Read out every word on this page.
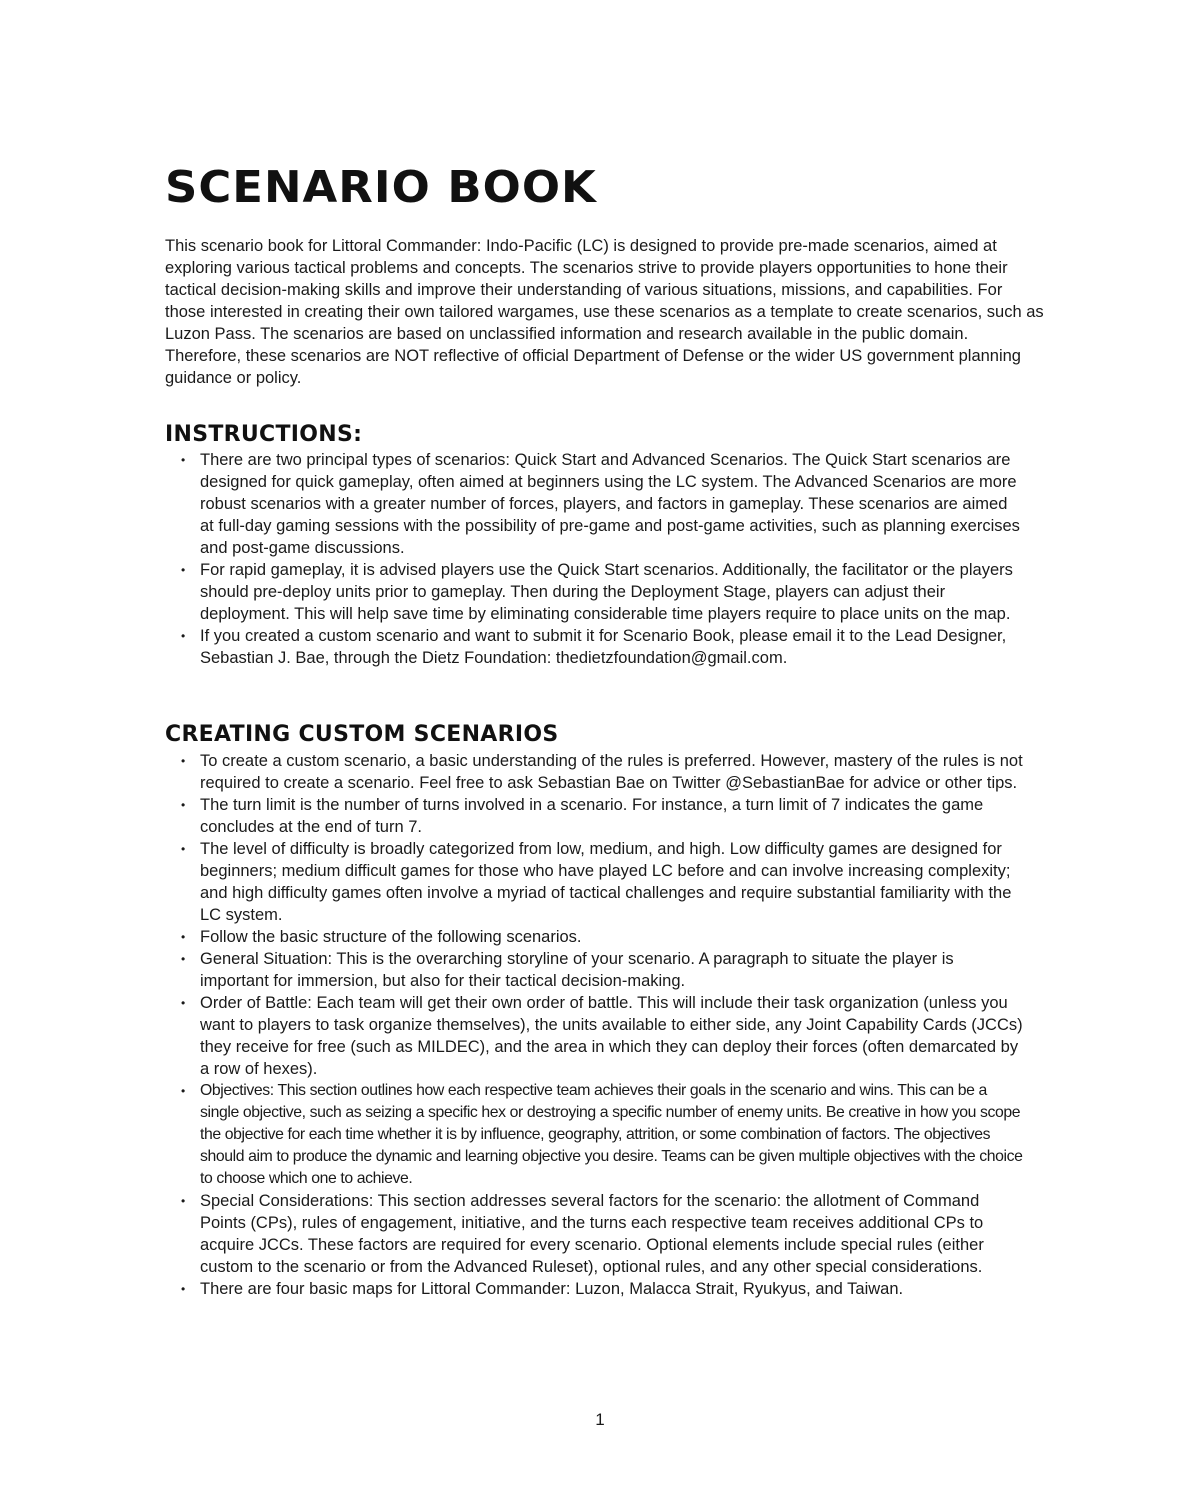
SCENARIO BOOK

This scenario book for Littoral Commander: Indo-Pacific (LC) is designed to provide pre-made scenarios, aimed at exploring various tactical problems and concepts. The scenarios strive to provide players opportunities to hone their tactical decision-making skills and improve their understanding of various situations, missions, and capabilities. For those interested in creating their own tailored wargames, use these scenarios as a template to create scenarios, such as Luzon Pass. The scenarios are based on unclassified information and research available in the public domain. Therefore, these scenarios are NOT reflective of official Department of Defense or the wider US government planning guidance or policy.

INSTRUCTIONS:
• There are two principal types of scenarios: Quick Start and Advanced Scenarios. The Quick Start scenarios are designed for quick gameplay, often aimed at beginners using the LC system. The Advanced Scenarios are more robust scenarios with a greater number of forces, players, and factors in gameplay. These scenarios are aimed at full-day gaming sessions with the possibility of pre-game and post-game activities, such as planning exercises and post-game discussions.
• For rapid gameplay, it is advised players use the Quick Start scenarios. Additionally, the facilitator or the players should pre-deploy units prior to gameplay. Then during the Deployment Stage, players can adjust their deployment. This will help save time by eliminating considerable time players require to place units on the map.
• If you created a custom scenario and want to submit it for Scenario Book, please email it to the Lead Designer, Sebastian J. Bae, through the Dietz Foundation: thedietzfoundation@gmail.com.
CREATING CUSTOM SCENARIOS
• To create a custom scenario, a basic understanding of the rules is preferred. However, mastery of the rules is not required to create a scenario. Feel free to ask Sebastian Bae on Twitter @SebastianBae for advice or other tips.
• The turn limit is the number of turns involved in a scenario. For instance, a turn limit of 7 indicates the game concludes at the end of turn 7.
• The level of difficulty is broadly categorized from low, medium, and high. Low difficulty games are designed for beginners; medium difficult games for those who have played LC before and can involve increasing complexity; and high difficulty games often involve a myriad of tactical challenges and require substantial familiarity with the LC system.
• Follow the basic structure of the following scenarios.
• General Situation: This is the overarching storyline of your scenario. A paragraph to situate the player is important for immersion, but also for their tactical decision-making.
• Order of Battle: Each team will get their own order of battle. This will include their task organization (unless you want to players to task organize themselves), the units available to either side, any Joint Capability Cards (JCCs) they receive for free (such as MILDEC), and the area in which they can deploy their forces (often demarcated by a row of hexes).
• Objectives: This section outlines how each respective team achieves their goals in the scenario and wins. This can be a single objective, such as seizing a specific hex or destroying a specific number of enemy units. Be creative in how you scope the objective for each time whether it is by influence, geography, attrition, or some combination of factors. The objectives should aim to produce the dynamic and learning objective you desire. Teams can be given multiple objectives with the choice to choose which one to achieve.
• Special Considerations: This section addresses several factors for the scenario: the allotment of Command Points (CPs), rules of engagement, initiative, and the turns each respective team receives additional CPs to acquire JCCs. These factors are required for every scenario. Optional elements include special rules (either custom to the scenario or from the Advanced Ruleset), optional rules, and any other special considerations.
• There are four basic maps for Littoral Commander: Luzon, Malacca Strait, Ryukyus, and Taiwan.
1
